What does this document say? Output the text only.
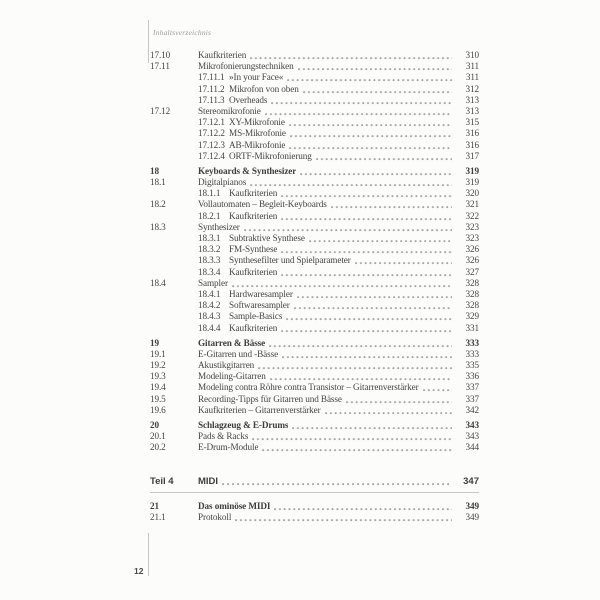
Inhaltsverzeichnis
17.10	Kaufkriterien	310
17.11	Mikrofonierungstechniken	311
17.11.1 »In your Face«	311
17.11.2 Mikrofon von oben	312
17.11.3 Overheads	313
17.12	Stereomikrofonie	313
17.12.1 XY-Mikrofonie	315
17.12.2 MS-Mikrofonie	316
17.12.3 AB-Mikrofonie	316
17.12.4 ORTF-Mikrofonierung	317
18	Keyboards & Synthesizer	319
18.1	Digitalpianos	319
18.1.1 Kaufkriterien	320
18.2	Vollautomaten – Begleit-Keyboards	321
18.2.1 Kaufkriterien	322
18.3	Synthesizer	323
18.3.1 Subtraktive Synthese	323
18.3.2 FM-Synthese	326
18.3.3 Synthesefilter und Spielparameter	326
18.3.4 Kaufkriterien	327
18.4	Sampler	328
18.4.1 Hardwaresampler	328
18.4.2 Softwaresampler	328
18.4.3 Sample-Basics	329
18.4.4 Kaufkriterien	331
19	Gitarren & Bässe	333
19.1	E-Gitarren und -Bässe	333
19.2	Akustikgitarren	335
19.3	Modeling-Gitarren	336
19.4	Modeling contra Röhre contra Transistor – Gitarrenverstärker	337
19.5	Recording-Tipps für Gitarren und Bässe	337
19.6	Kaufkriterien – Gitarrenverstärker	342
20	Schlagzeug & E-Drums	343
20.1	Pads & Racks	343
20.2	E-Drum-Module	344
Teil 4	MIDI	347
21	Das ominöse MIDI	349
21.1	Protokoll	349
12
